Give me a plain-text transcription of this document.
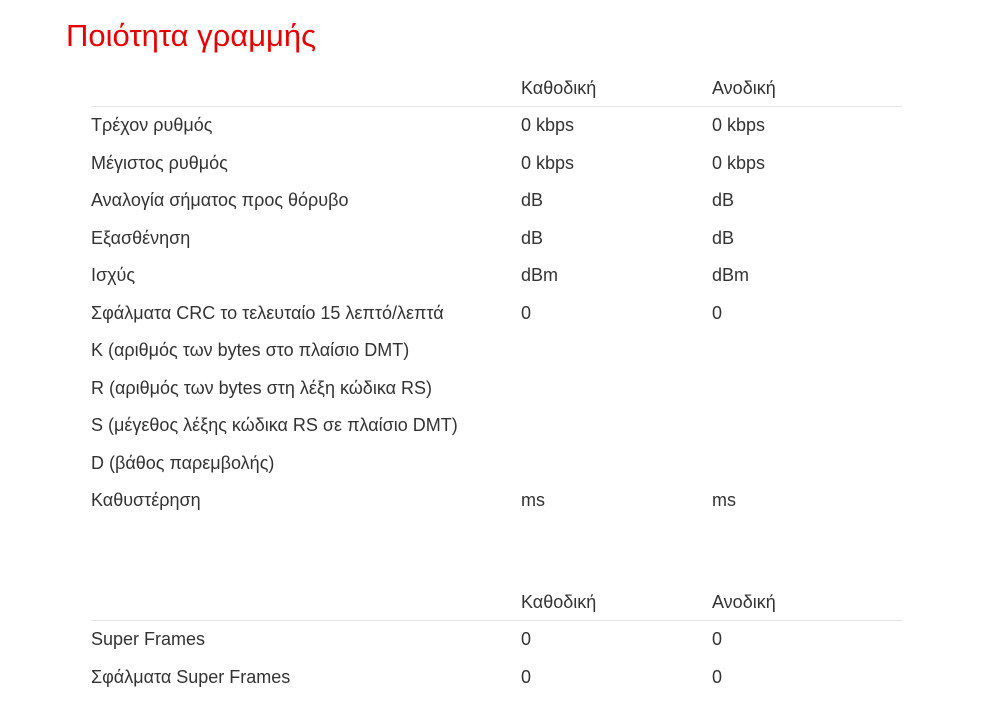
Ποιότητα γραμμής
	Καθοδική	Ανοδική
Τρέχον ρυθμός	0 kbps	0 kbps
Μέγιστος ρυθμός	0 kbps	0 kbps
Αναλογία σήματος προς θόρυβο	dB	dB
Εξασθένηση	dB	dB
Ισχύς	dBm	dBm
Σφάλματα CRC το τελευταίο 15 λεπτό/λεπτά	0	0
K (αριθμός των bytes στο πλαίσιο DMT)		
R (αριθμός των bytes στη λέξη κώδικα RS)		
S (μέγεθος λέξης κώδικα RS σε πλαίσιο DMT)		
D (βάθος παρεμβολής)		
Καθυστέρηση	ms	ms
	Καθοδική	Ανοδική
Super Frames	0	0
Σφάλματα Super Frames	0	0
